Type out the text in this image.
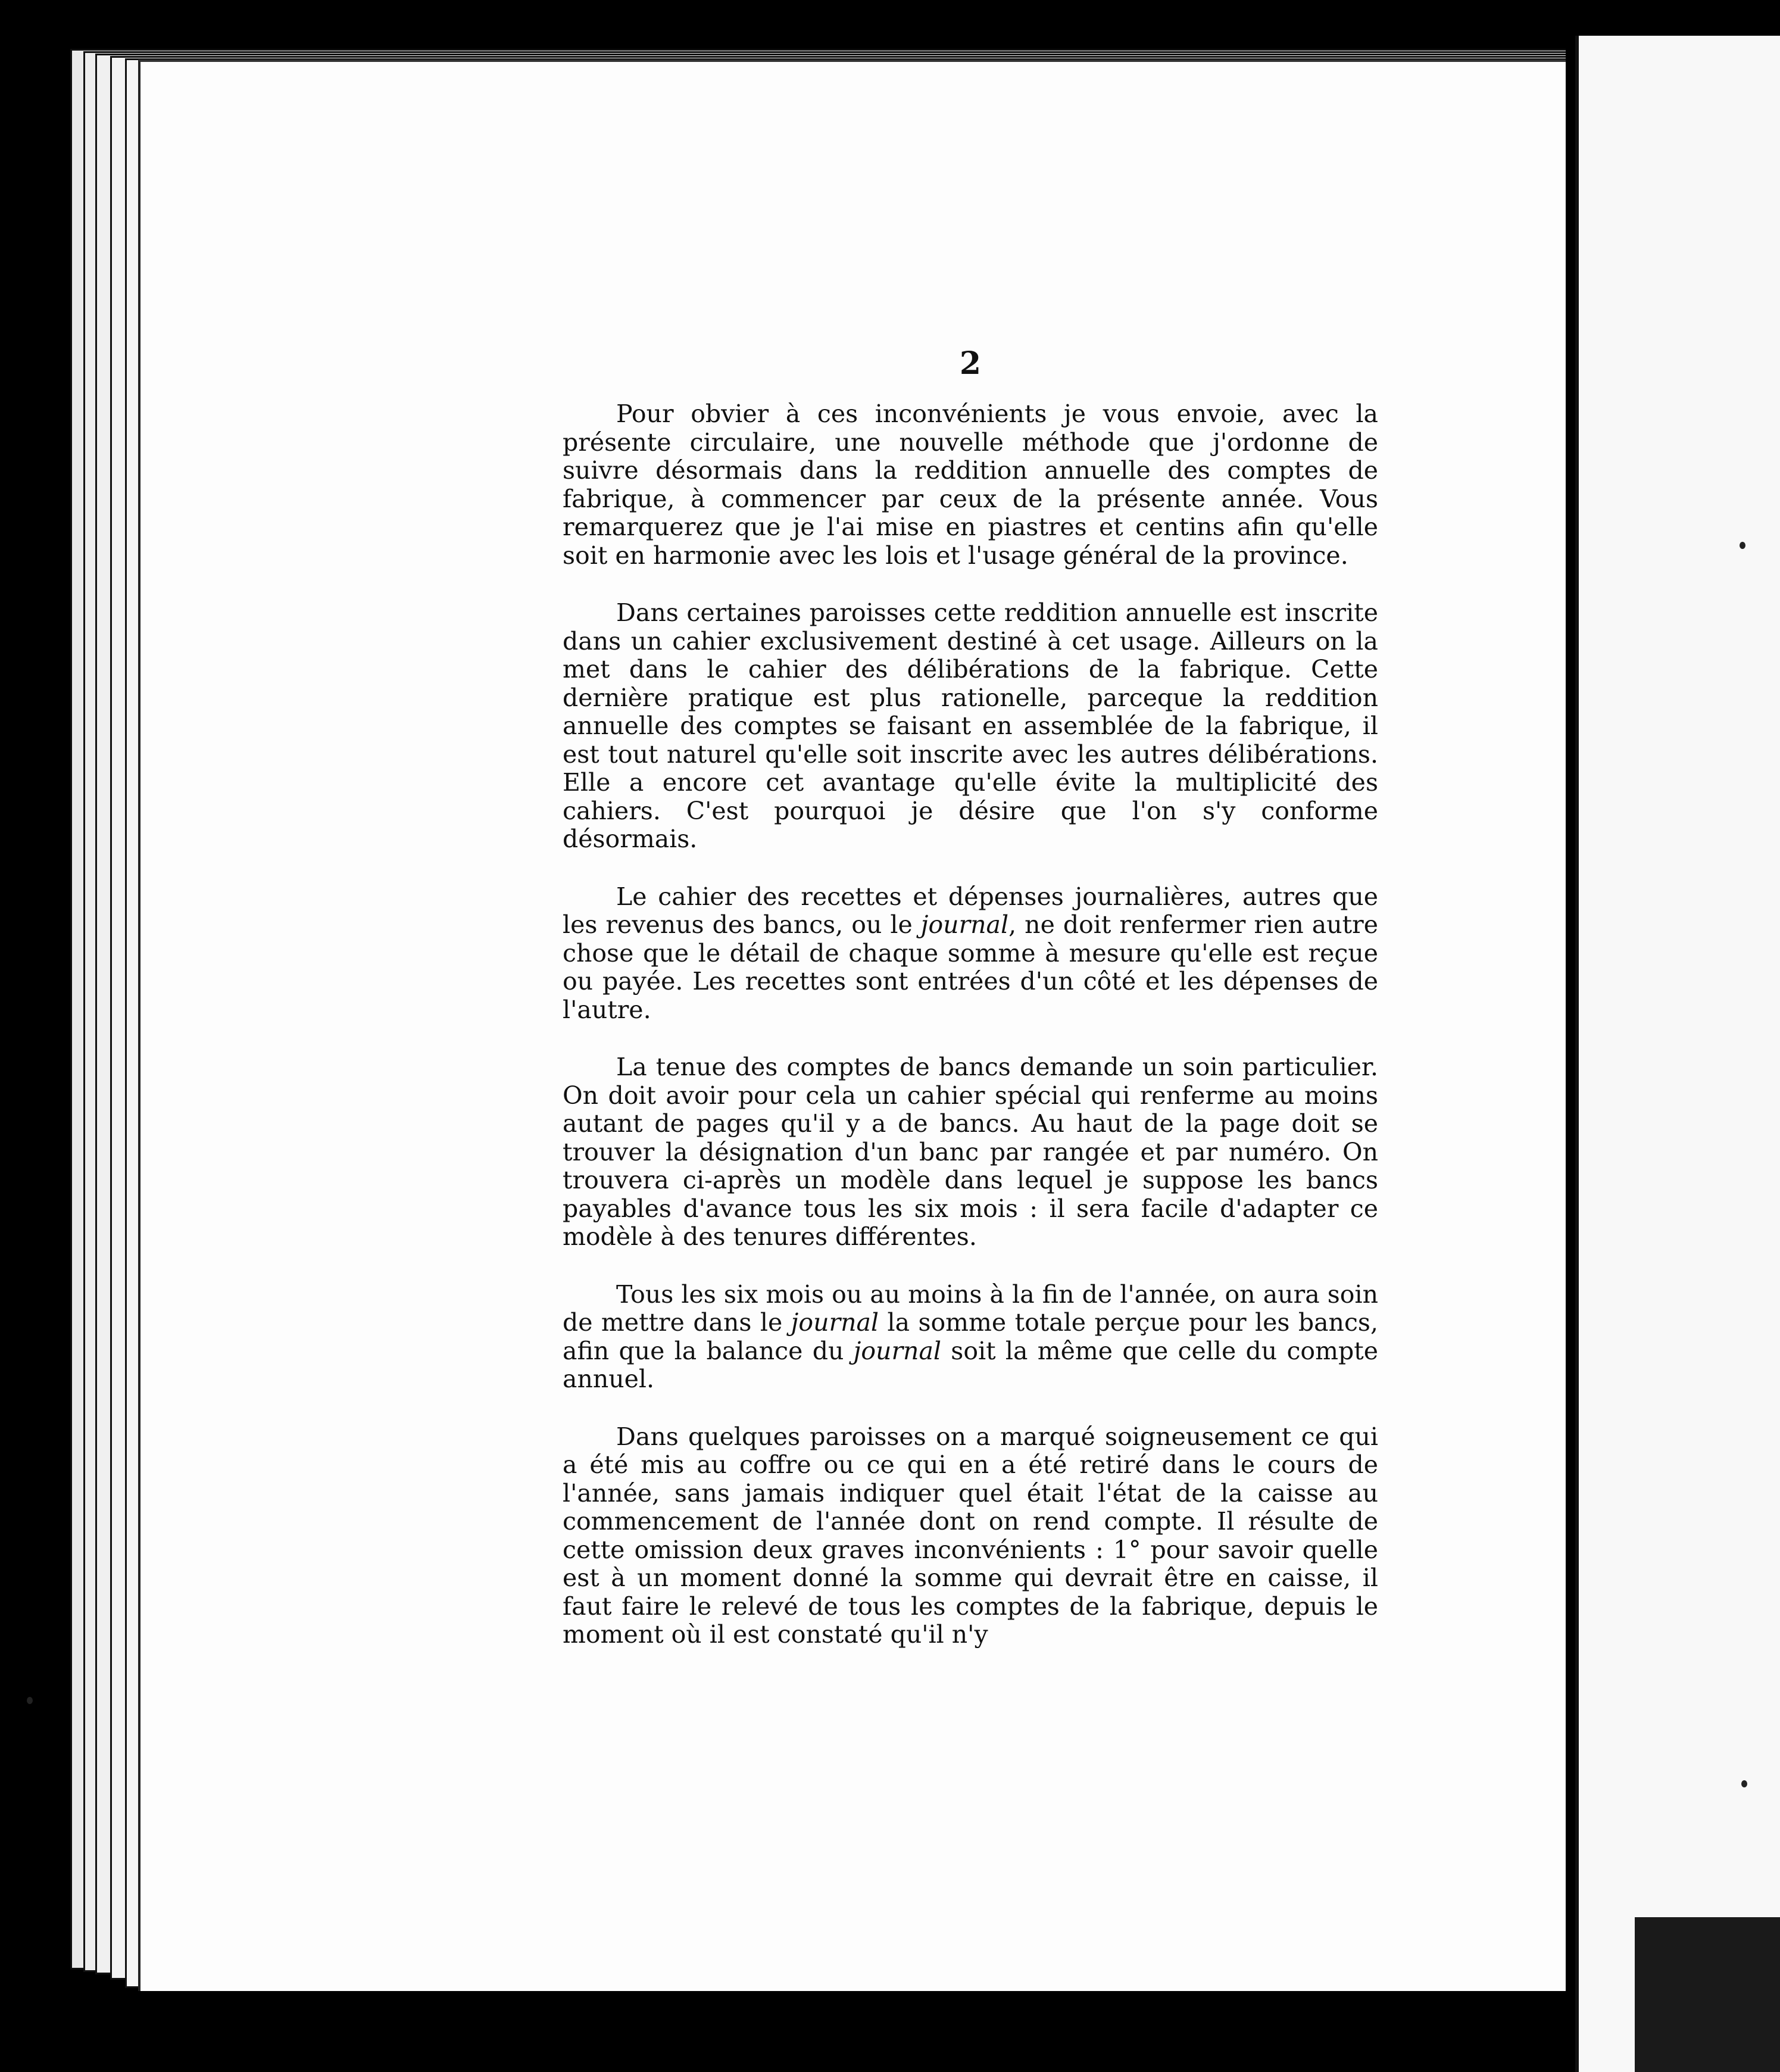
2

Pour obvier à ces inconvénients je vous envoie, avec la présente circulaire, une nouvelle méthode que j'ordonne de suivre désormais dans la reddition annuelle des comptes de fabrique, à commencer par ceux de la présente année. Vous remarquerez que je l'ai mise en piastres et centins afin qu'elle soit en harmonie avec les lois et l'usage général de la province.

Dans certaines paroisses cette reddition annuelle est inscrite dans un cahier exclusivement destiné à cet usage. Ailleurs on la met dans le cahier des délibérations de la fabrique. Cette dernière pratique est plus rationelle, parceque la reddition annuelle des comptes se faisant en assemblée de la fabrique, il est tout naturel qu'elle soit inscrite avec les autres délibérations. Elle a encore cet avantage qu'elle évite la multiplicité des cahiers. C'est pourquoi je désire que l'on s'y conforme désormais.

Le cahier des recettes et dépenses journalières, autres que les revenus des bancs, ou le journal, ne doit renfermer rien autre chose que le détail de chaque somme à mesure qu'elle est reçue ou payée. Les recettes sont entrées d'un côté et les dépenses de l'autre.

La tenue des comptes de bancs demande un soin particulier. On doit avoir pour cela un cahier spécial qui renferme au moins autant de pages qu'il y a de bancs. Au haut de la page doit se trouver la désignation d'un banc par rangée et par numéro. On trouvera ci-après un modèle dans lequel je suppose les bancs payables d'avance tous les six mois : il sera facile d'adapter ce modèle à des tenures différentes.

Tous les six mois ou au moins à la fin de l'année, on aura soin de mettre dans le journal la somme totale perçue pour les bancs, afin que la balance du journal soit la même que celle du compte annuel.

Dans quelques paroisses on a marqué soigneusement ce qui a été mis au coffre ou ce qui en a été retiré dans le cours de l'année, sans jamais indiquer quel était l'état de la caisse au commencement de l'année dont on rend compte. Il résulte de cette omission deux graves inconvénients : 1° pour savoir quelle est à un moment donné la somme qui devrait être en caisse, il faut faire le relevé de tous les comptes de la fabrique, depuis le moment où il est constaté qu'il n'y
